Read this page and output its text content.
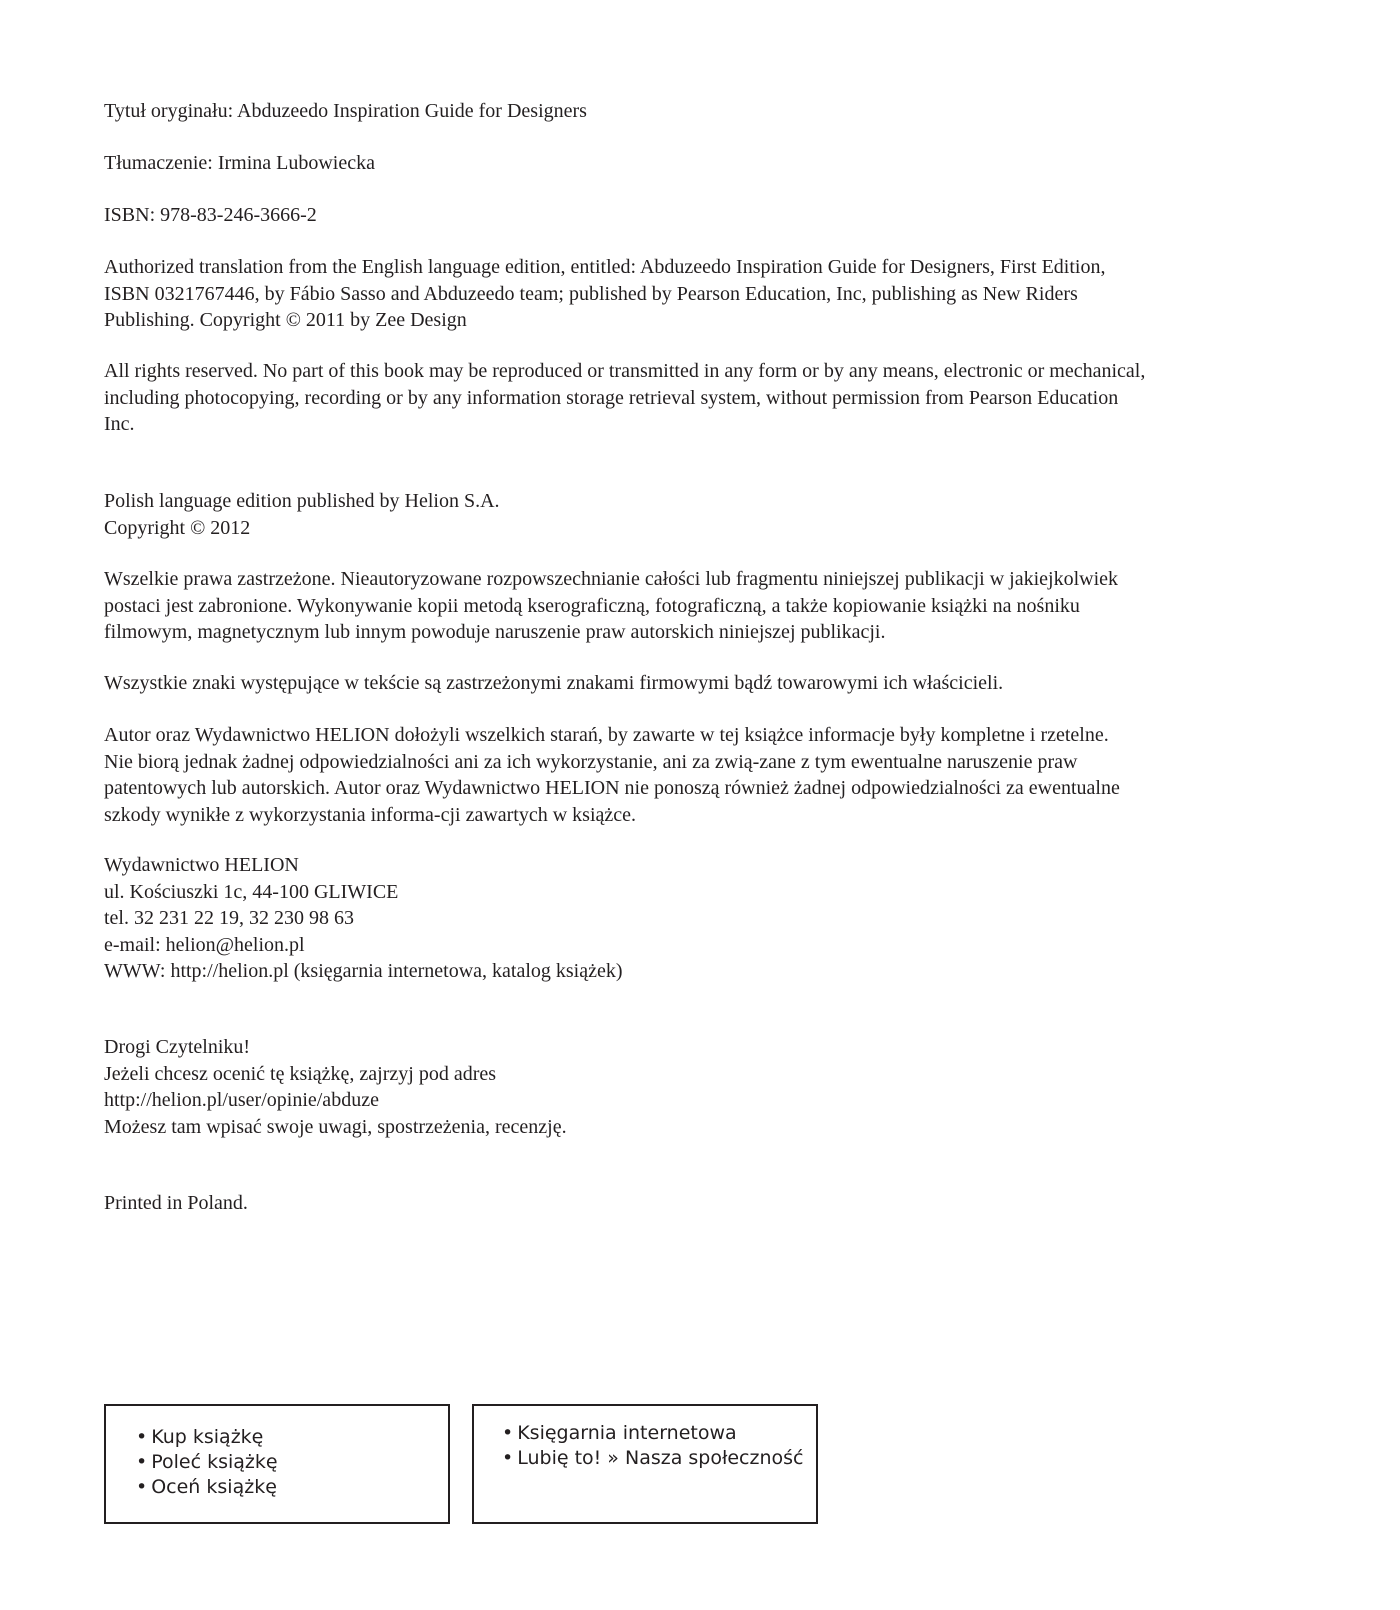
Tytuł oryginału: Abduzeedo Inspiration Guide for Designers

Tłumaczenie: Irmina Lubowiecka

ISBN: 978-83-246-3666-2

Authorized translation from the English language edition, entitled: Abduzeedo Inspiration Guide for Designers, First Edition,
ISBN 0321767446, by Fábio Sasso and Abduzeedo team; published by Pearson Education, Inc, publishing as New Riders
Publishing. Copyright © 2011 by Zee Design
All rights reserved. No part of this book may be reproduced or transmitted in any form or by any means, electronic or mechanical,
including photocopying, recording or by any information storage retrieval system, without permission from Pearson Education
Inc.
Polish language edition published by Helion S.A.
Copyright © 2012
Wszelkie prawa zastrzeżone. Nieautoryzowane rozpowszechnianie całości lub fragmentu niniejszej publikacji w jakiejkolwiek
postaci jest zabronione. Wykonywanie kopii metodą kserograficzną, fotograficzną, a także kopiowanie książki na nośniku
filmowym, magnetycznym lub innym powoduje naruszenie praw autorskich niniejszej publikacji.

Wszystkie znaki występujące w tekście są zastrzeżonymi znakami firmowymi bądź towarowymi ich właścicieli.

Autor oraz Wydawnictwo HELION dołożyli wszelkich starań, by zawarte w tej książce informacje były kompletne i rzetelne.
Nie biorą jednak żadnej odpowiedzialności ani za ich wykorzystanie, ani za zwią-zane z tym ewentualne naruszenie praw
patentowych lub autorskich. Autor oraz Wydawnictwo HELION nie ponoszą również żadnej odpowiedzialności za ewentualne
szkody wynikłe z wykorzystania informa-cji zawartych w książce.
Wydawnictwo HELION
ul. Kościuszki 1c, 44-100 GLIWICE
tel. 32 231 22 19, 32 230 98 63
e-mail: helion@helion.pl
WWW: http://helion.pl (księgarnia internetowa, katalog książek)
Drogi Czytelniku!
Jeżeli chcesz ocenić tę książkę, zajrzyj pod adres
http://helion.pl/user/opinie/abduze
Możesz tam wpisać swoje uwagi, spostrzeżenia, recenzję.

Printed in Poland.

• Kup książkę
• Poleć książkę
• Oceń książkę
• Księgarnia internetowa
• Lubię to! » Nasza społeczność
